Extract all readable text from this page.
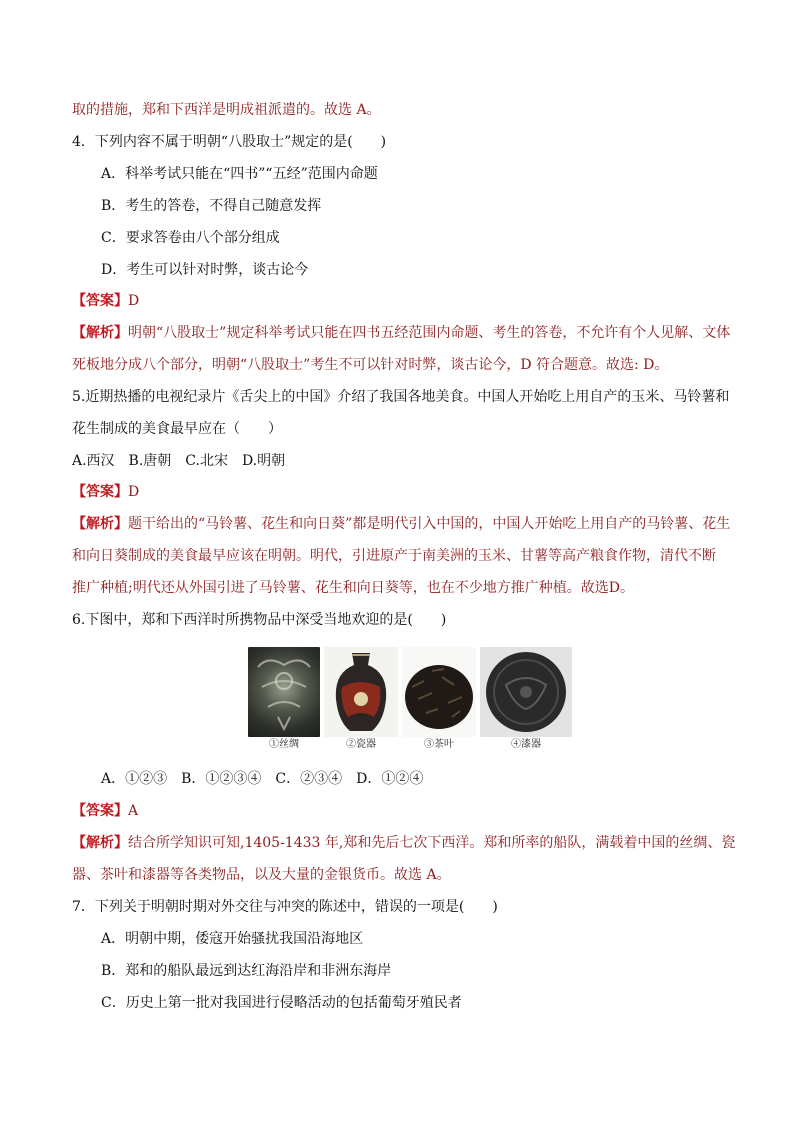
取的措施，郑和下西洋是明成祖派遣的。故选 A。
4．下列内容不属于明朝“八股取士”规定的是(　　)
A．科举考试只能在“四书”“五经”范围内命题
B．考生的答卷，不得自己随意发挥
C．要求答卷由八个部分组成
D．考生可以针对时弊，谈古论今
【答案】D
【解析】明朝“八股取士”规定科举考试只能在四书五经范围内命题、考生的答卷，不允许有个人见解、文体
死板地分成八个部分，明朝“八股取士”考生不可以针对时弊，谈古论今，D 符合题意。故选: D。
5.近期热播的电视纪录片《舌尖上的中国》介绍了我国各地美食。中国人开始吃上用自产的玉米、马铃薯和
花生制成的美食最早应在（　　）
A.西汉　B.唐朝　C.北宋　D.明朝
【答案】D
【解析】题干给出的“马铃薯、花生和向日葵”都是明代引入中国的，中国人开始吃上用自产的马铃薯、花生
和向日葵制成的美食最早应该在明朝。明代，引进原产于南美洲的玉米、甘薯等高产粮食作物，清代不断
推广种植;明代还从外国引进了马铃薯、花生和向日葵等，也在不少地方推广种植。故选D。
6.下图中，郑和下西洋时所携物品中深受当地欢迎的是(　　)
①丝绸	②瓷器	③茶叶	④漆器
A．①②③　B．①②③④　C．②③④　D．①②④
【答案】A
【解析】结合所学知识可知,1405-1433 年,郑和先后七次下西洋。郑和所率的船队，满载着中国的丝绸、瓷
器、茶叶和漆器等各类物品，以及大量的金银货币。故选 A。
7．下列关于明朝时期对外交往与冲突的陈述中，错误的一项是(　　)
A．明朝中期，倭寇开始骚扰我国沿海地区
B．郑和的船队最远到达红海沿岸和非洲东海岸
C．历史上第一批对我国进行侵略活动的包括葡萄牙殖民者
